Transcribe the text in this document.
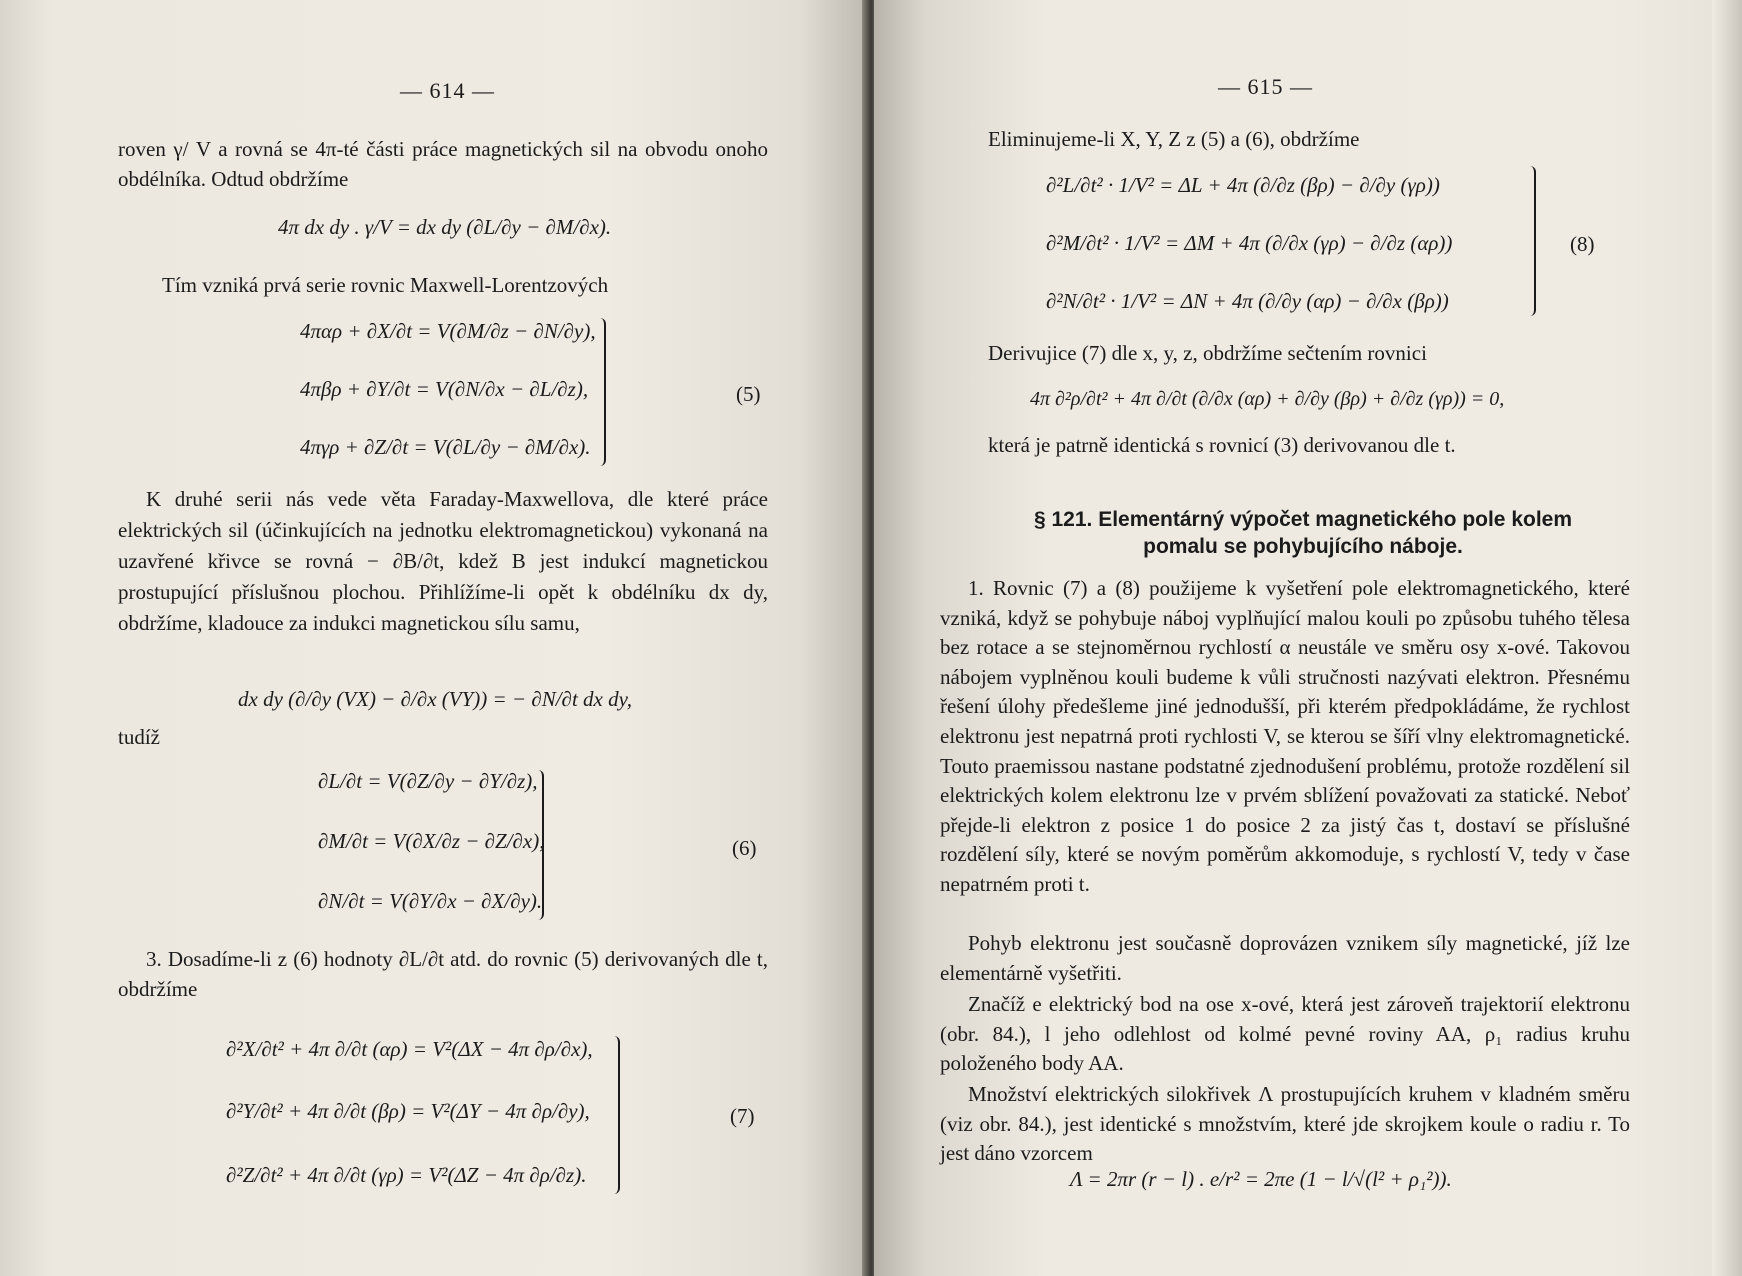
— 614 —
roven γ/ V a rovná se 4π-té části práce magnetických sil na obvodu onoho obdélníka. Odtud obdržíme
4π dx dy . γ/V = dx dy (∂L/∂y − ∂M/∂x).
Tím vzniká prvá serie rovnic Maxwell-Lorentzových
4παρ + ∂X/∂t = V(∂M/∂z − ∂N/∂y),
4πβρ + ∂Y/∂t = V(∂N/∂x − ∂L/∂z),
4πγρ + ∂Z/∂t = V(∂L/∂y − ∂M/∂x).
(5)
K druhé serii nás vede věta Faraday-Maxwellova, dle které práce elektrických sil (účinkujících na jednotku elektromagnetickou) vykonaná na uzavřené křivce se rovná − ∂B/∂t, kdež B jest indukcí magnetickou prostupující příslušnou plochou. Přihlížíme-li opět k obdélníku dx dy, obdržíme, kladouce za indukci magnetickou sílu samu,
dx dy (∂/∂y (VX) − ∂/∂x (VY)) = − ∂N/∂t dx dy,
tudíž
∂L/∂t = V(∂Z/∂y − ∂Y/∂z),
∂M/∂t = V(∂X/∂z − ∂Z/∂x),
∂N/∂t = V(∂Y/∂x − ∂X/∂y).
(6)
3. Dosadíme-li z (6) hodnoty ∂L/∂t atd. do rovnic (5) derivovaných dle t, obdržíme
∂²X/∂t² + 4π ∂/∂t (αρ) = V²(ΔX − 4π ∂ρ/∂x),
∂²Y/∂t² + 4π ∂/∂t (βρ) = V²(ΔY − 4π ∂ρ/∂y),
∂²Z/∂t² + 4π ∂/∂t (γρ) = V²(ΔZ − 4π ∂ρ/∂z).
(7)
— 615 —
Eliminujeme-li X, Y, Z z (5) a (6), obdržíme
∂²L/∂t² · 1/V² = ΔL + 4π (∂/∂z (βρ) − ∂/∂y (γρ))
∂²M/∂t² · 1/V² = ΔM + 4π (∂/∂x (γρ) − ∂/∂z (αρ))
∂²N/∂t² · 1/V² = ΔN + 4π (∂/∂y (αρ) − ∂/∂x (βρ))
(8)
Derivujice (7) dle x, y, z, obdržíme sečtením rovnici
4π ∂²ρ/∂t² + 4π ∂/∂t (∂/∂x (αρ) + ∂/∂y (βρ) + ∂/∂z (γρ)) = 0,
která je patrně identická s rovnicí (3) derivovanou dle t.
§ 121. Elementárný výpočet magnetického pole kolem pomalu se pohybujícího náboje.
1. Rovnic (7) a (8) použijeme k vyšetření pole elektromagnetického, které vzniká, když se pohybuje náboj vyplňující malou kouli po způsobu tuhého tělesa bez rotace a se stejnoměrnou rychlostí α neustále ve směru osy x-ové. Takovou nábojem vyplněnou kouli budeme k vůli stručnosti nazývati elektron. Přesnému řešení úlohy předešleme jiné jednodušší, při kterém předpokládáme, že rychlost elektronu jest nepatrná proti rychlosti V, se kterou se šíří vlny elektromagnetické. Touto praemissou nastane podstatné zjednodušení problému, protože rozdělení sil elektrických kolem elektronu lze v prvém sblížení považovati za statické. Neboť přejde-li elektron z posice 1 do posice 2 za jistý čas t, dostaví se příslušné rozdělení síly, které se novým poměrům akkomoduje, s rychlostí V, tedy v čase nepatrném proti t.
Pohyb elektronu jest současně doprovázen vznikem síly magnetické, jíž lze elementárně vyšetřiti.
Značíž e elektrický bod na ose x-ové, která jest zároveň trajektorií elektronu (obr. 84.), l jeho odlehlost od kolmé pevné roviny AA, ρ₁ radius kruhu položeného body AA.
Množství elektrických silokřivek Λ prostupujících kruhem v kladném směru (viz obr. 84.), jest identické s množstvím, které jde skrojkem koule o radiu r. To jest dáno vzorcem
Λ = 2πr (r − l) . e/r² = 2πe (1 − l/√(l² + ρ₁²)).
